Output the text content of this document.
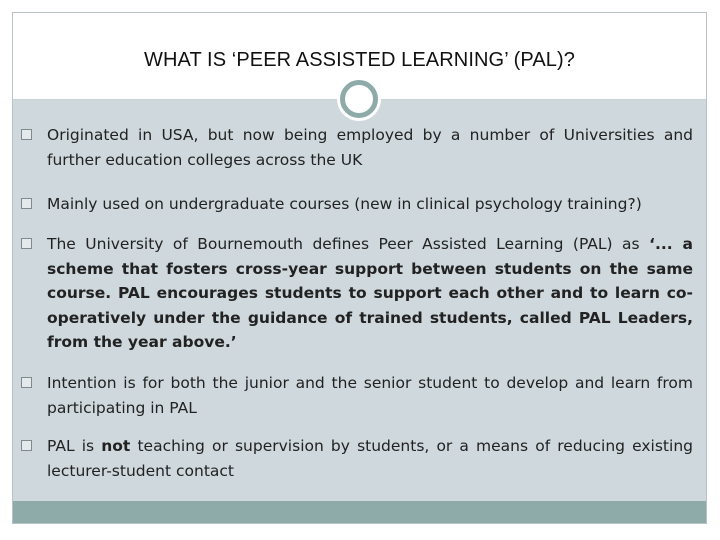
WHAT IS ‘PEER ASSISTED LEARNING’ (PAL)?
Originated in USA, but now being employed by a number of Universities and further education colleges across the UK
Mainly used on undergraduate courses (new in clinical psychology training?)
The University of Bournemouth defines Peer Assisted Learning (PAL) as ‘... a scheme that fosters cross-year support between students on the same course. PAL encourages students to support each other and to learn co-operatively under the guidance of trained students, called PAL Leaders, from the year above.’
Intention is for both the junior and the senior student to develop and learn from participating in PAL
PAL is not teaching or supervision by students, or a means of reducing existing lecturer-student contact
